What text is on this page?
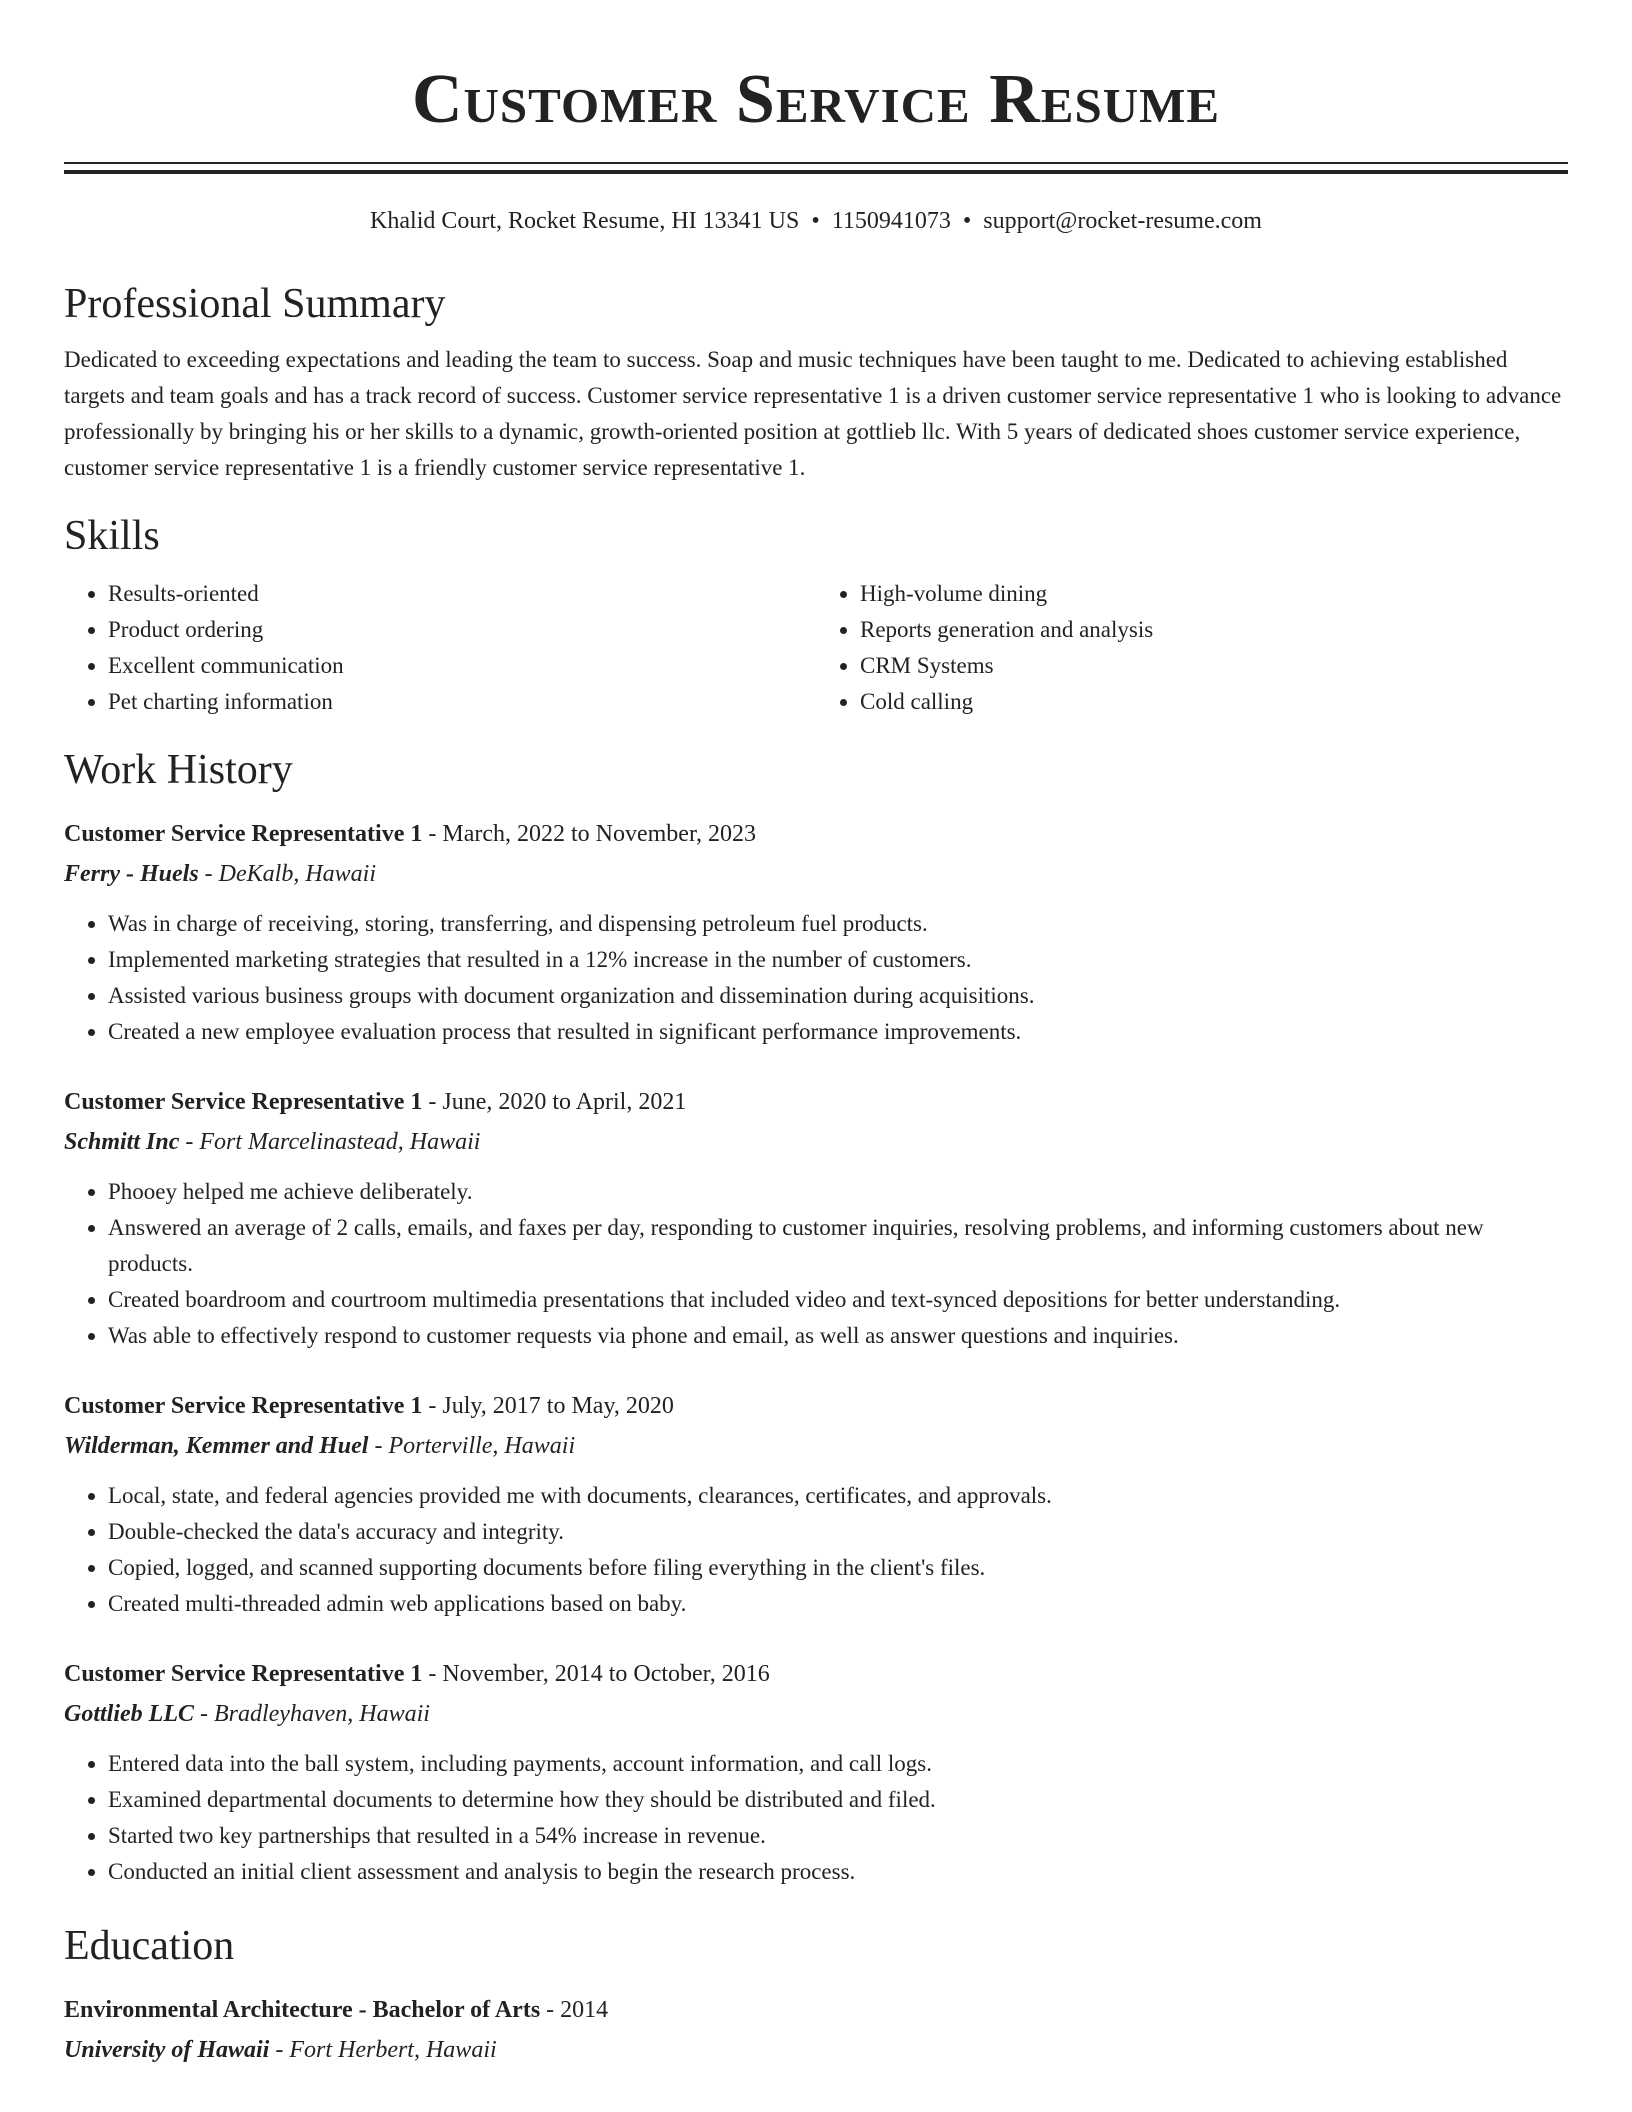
Customer Service Resume
Khalid Court, Rocket Resume, HI 13341 US • 1150941073 • support@rocket-resume.com
Professional Summary

Dedicated to exceeding expectations and leading the team to success. Soap and music techniques have been taught to me. Dedicated to achieving established targets and team goals and has a track record of success. Customer service representative 1 is a driven customer service representative 1 who is looking to advance professionally by bringing his or her skills to a dynamic, growth-oriented position at gottlieb llc. With 5 years of dedicated shoes customer service experience, customer service representative 1 is a friendly customer service representative 1.

Skills
• Results-oriented
• Product ordering
• Excellent communication
• Pet charting information
• High-volume dining
• Reports generation and analysis
• CRM Systems
• Cold calling
Work History
Customer Service Representative 1 - March, 2022 to November, 2023
Ferry - Huels - DeKalb, Hawaii
• Was in charge of receiving, storing, transferring, and dispensing petroleum fuel products.
• Implemented marketing strategies that resulted in a 12% increase in the number of customers.
• Assisted various business groups with document organization and dissemination during acquisitions.
• Created a new employee evaluation process that resulted in significant performance improvements.
Customer Service Representative 1 - June, 2020 to April, 2021
Schmitt Inc - Fort Marcelinastead, Hawaii
• Phooey helped me achieve deliberately.
• Answered an average of 2 calls, emails, and faxes per day, responding to customer inquiries, resolving problems, and informing customers about new products.
• Created boardroom and courtroom multimedia presentations that included video and text-synced depositions for better understanding.
• Was able to effectively respond to customer requests via phone and email, as well as answer questions and inquiries.
Customer Service Representative 1 - July, 2017 to May, 2020
Wilderman, Kemmer and Huel - Porterville, Hawaii
• Local, state, and federal agencies provided me with documents, clearances, certificates, and approvals.
• Double-checked the data's accuracy and integrity.
• Copied, logged, and scanned supporting documents before filing everything in the client's files.
• Created multi-threaded admin web applications based on baby.
Customer Service Representative 1 - November, 2014 to October, 2016
Gottlieb LLC - Bradleyhaven, Hawaii
• Entered data into the ball system, including payments, account information, and call logs.
• Examined departmental documents to determine how they should be distributed and filed.
• Started two key partnerships that resulted in a 54% increase in revenue.
• Conducted an initial client assessment and analysis to begin the research process.
Education
Environmental Architecture - Bachelor of Arts - 2014
University of Hawaii - Fort Herbert, Hawaii
